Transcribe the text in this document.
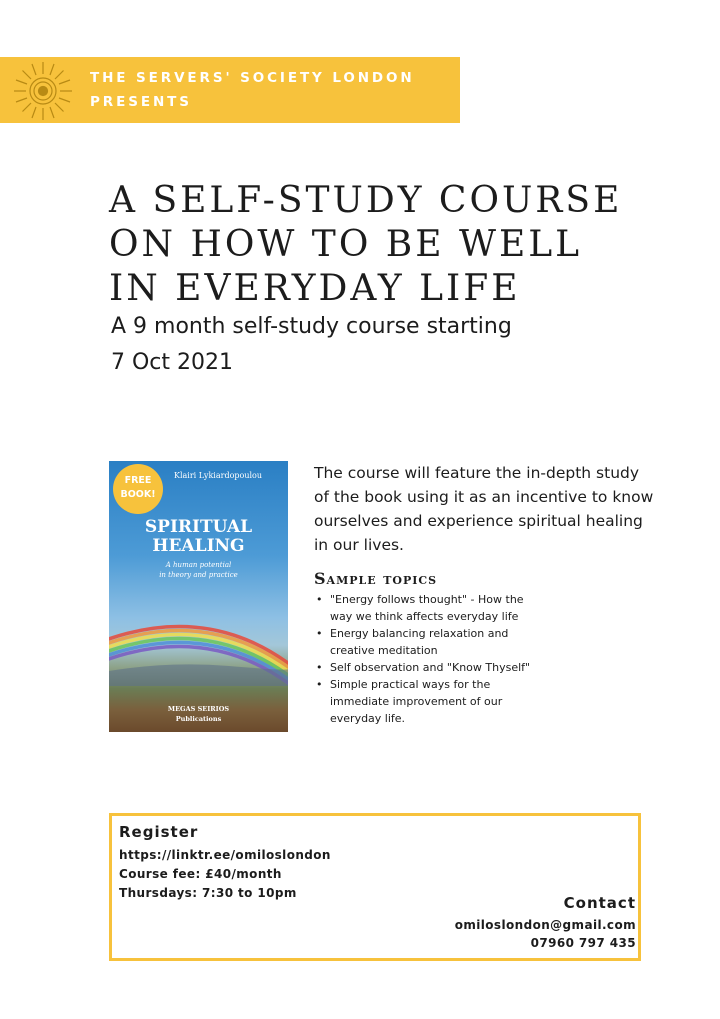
THE SERVERS' SOCIETY LONDON
PRESENTS
A SELF-STUDY COURSE
ON HOW TO BE WELL
IN EVERYDAY LIFE
A 9 month self-study course starting
7 Oct 2021
FREE
BOOK!
Klairi Lykiardopoulou
SPIRITUAL
HEALING
A human potential
in theory and practice
MEGAS SEIRIOS
Publications
The course will feature the in-depth study
of the book using it as an incentive to know
ourselves and experience spiritual healing
in our lives.
Sample topics
• "Energy follows thought" - How the
way we think affects everyday life
• Energy balancing relaxation and
creative meditation
• Self observation and "Know Thyself"
• Simple practical ways for the
immediate improvement of our
everyday life.
Register
https://linktr.ee/omiloslondon
Course fee: £40/month
Thursdays: 7:30 to 10pm
Contact
omiloslondon@gmail.com
07960 797 435
